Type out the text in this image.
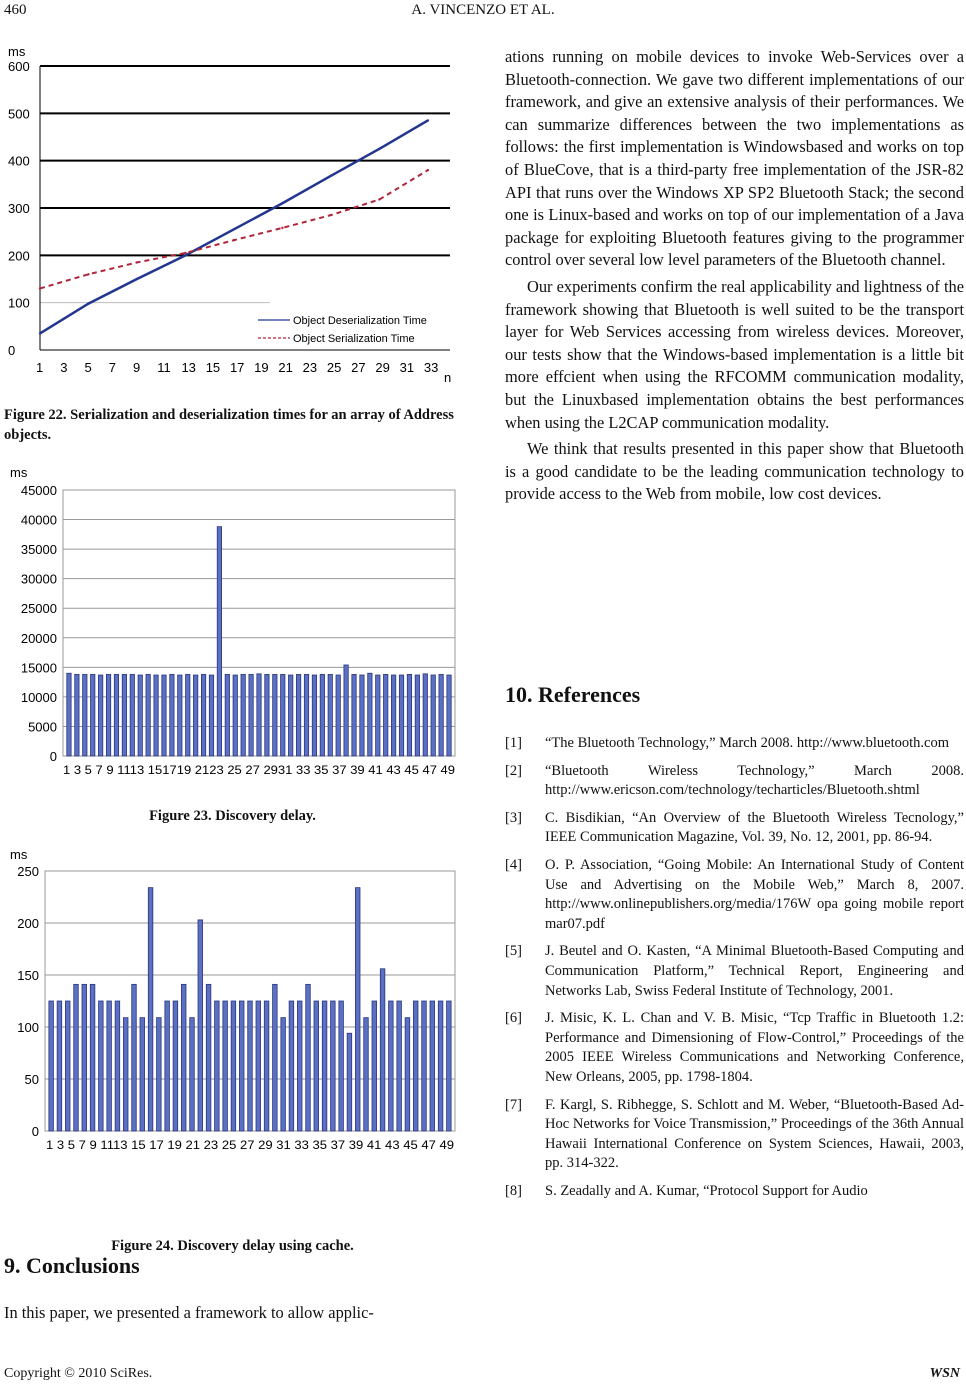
460	A. VINCENZO ET AL.
0
100
200
300
400
500
600
ms
1 3 5 7 9 11 13 15 17 19 21 23 25 27 29 31 33
n
Object Deserialization Time
Object Serialization Time
Figure 22. Serialization and deserialization times for an array of Address objects.
0
5000
10000
15000
20000
25000
30000
35000
40000
45000
ms
1 3 5 7 9 1113 151719 2123 25 27 2931 33 35 37 39 41 43 45 47 49
Figure 23. Discovery delay.
0
50
100
150
200
250
ms
1 3 5 7 9 1113 15 17 19 21 23 25 27 29 31 33 35 37 39 41 43 45 47 49
Figure 24. Discovery delay using cache.
9. Conclusions
In this paper, we presented a framework to allow applic-

ations running on mobile devices to invoke Web-Services over a Bluetooth-connection. We gave two different implementations of our framework, and give an extensive analysis of their performances. We can summarize differences between the two implementations as follows: the first implementation is Windowsbased and works on top of BlueCove, that is a third-party free implementation of the JSR-82 API that runs over the Windows XP SP2 Bluetooth Stack; the second one is Linux-based and works on top of our implementation of a Java package for exploiting Bluetooth features giving to the programmer control over several low level parameters of the Bluetooth channel.

Our experiments confirm the real applicability and lightness of the framework showing that Bluetooth is well suited to be the transport layer for Web Services accessing from wireless devices. Moreover, our tests show that the Windows-based implementation is a little bit more effcient when using the RFCOMM communication modality, but the Linuxbased implementation obtains the best performances when using the L2CAP communication modality.

We think that results presented in this paper show that Bluetooth is a good candidate to be the leading communication technology to provide access to the Web from mobile, low cost devices.

10. References
[1] “The Bluetooth Technology,” March 2008. http://www.bluetooth.com
[2] “Bluetooth Wireless Technology,” March 2008. http://www.ericson.com/technology/techarticles/Bluetooth.shtml
[3] C. Bisdikian, “An Overview of the Bluetooth Wireless Tecnology,” IEEE Communication Magazine, Vol. 39, No. 12, 2001, pp. 86-94.
[4] O. P. Association, “Going Mobile: An International Study of Content Use and Advertising on the Mobile Web,” March 8, 2007. http://www.onlinepublishers.org/media/176W opa going mobile report mar07.pdf
[5] J. Beutel and O. Kasten, “A Minimal Bluetooth-Based Computing and Communication Platform,” Technical Report, Engineering and Networks Lab, Swiss Federal Institute of Technology, 2001.
[6] J. Misic, K. L. Chan and V. B. Misic, “Tcp Traffic in Bluetooth 1.2: Performance and Dimensioning of Flow-Control,” Proceedings of the 2005 IEEE Wireless Communications and Networking Conference, New Orleans, 2005, pp. 1798-1804.
[7] F. Kargl, S. Ribhegge, S. Schlott and M. Weber, “Bluetooth-Based Ad-Hoc Networks for Voice Transmission,” Proceedings of the 36th Annual Hawaii International Conference on System Sciences, Hawaii, 2003, pp. 314-322.
[8] S. Zeadally and A. Kumar, “Protocol Support for Audio
Copyright © 2010 SciRes.	WSN
